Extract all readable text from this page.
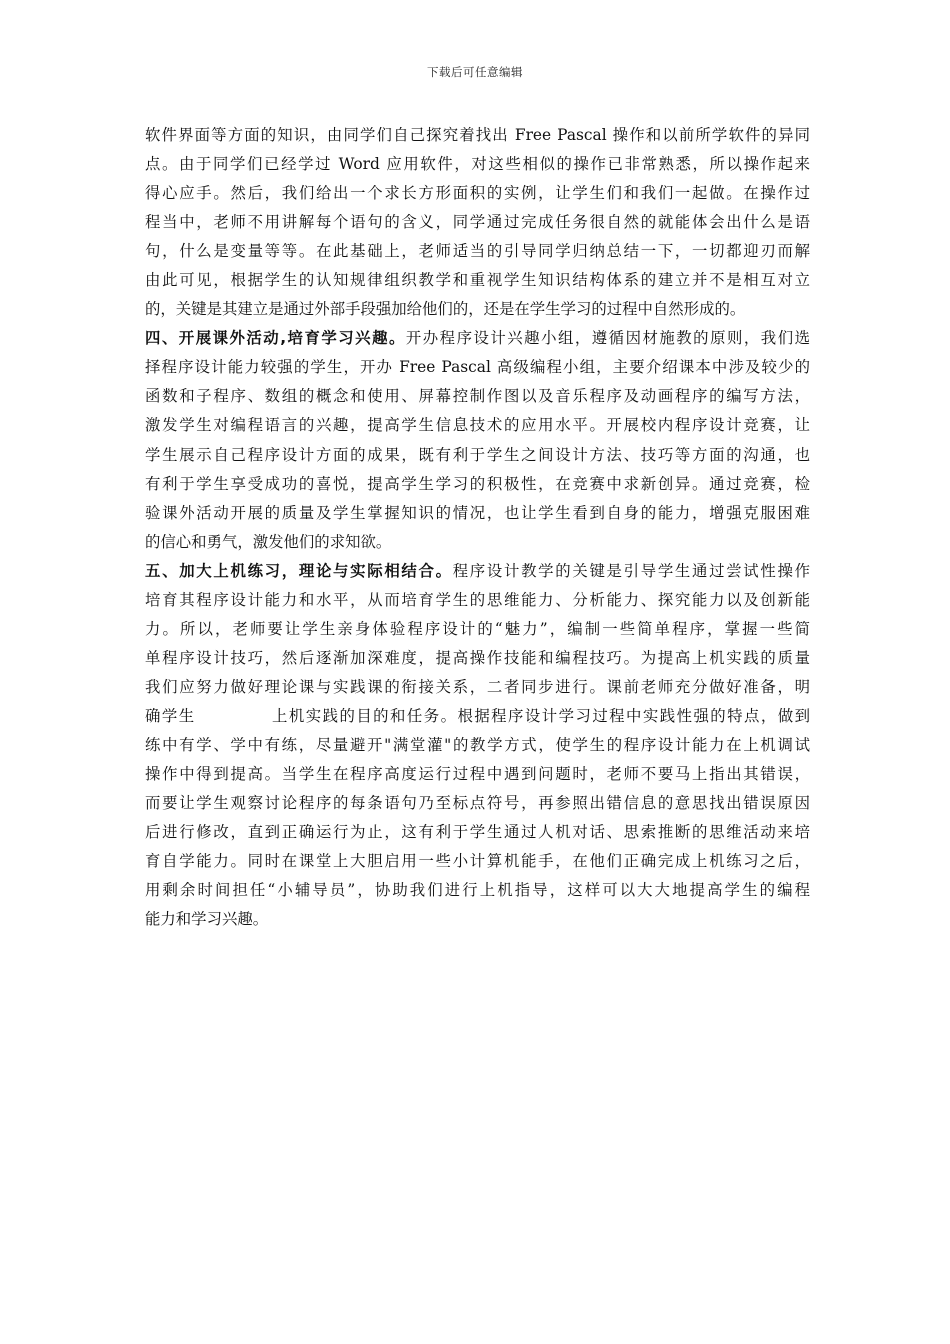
下载后可任意编辑
软件界面等方面的知识，由同学们自己探究着找出 Free Pascal 操作和以前所学软件的异同
点。由于同学们已经学过 Word 应用软件，对这些相似的操作已非常熟悉，所以操作起来
得心应手。然后，我们给出一个求长方形面积的实例，让学生们和我们一起做。在操作过
程当中，老师不用讲解每个语句的含义，同学通过完成任务很自然的就能体会出什么是语
句，什么是变量等等。在此基础上，老师适当的引导同学归纳总结一下，一切都迎刃而解
由此可见，根据学生的认知规律组织教学和重视学生知识结构体系的建立并不是相互对立
的，关键是其建立是通过外部手段强加给他们的，还是在学生学习的过程中自然形成的。
四、开展课外活动,培育学习兴趣。开办程序设计兴趣小组，遵循因材施教的原则，我们选
择程序设计能力较强的学生，开办 Free Pascal 高级编程小组，主要介绍课本中涉及较少的
函数和子程序、数组的概念和使用、屏幕控制作图以及音乐程序及动画程序的编写方法，
激发学生对编程语言的兴趣，提高学生信息技术的应用水平。开展校内程序设计竞赛，让
学生展示自己程序设计方面的成果，既有利于学生之间设计方法、技巧等方面的沟通，也
有利于学生享受成功的喜悦，提高学生学习的积极性，在竞赛中求新创异。通过竞赛，检
验课外活动开展的质量及学生掌握知识的情况，也让学生看到自身的能力，增强克服困难
的信心和勇气，激发他们的求知欲。
五、加大上机练习，理论与实际相结合。程序设计教学的关键是引导学生通过尝试性操作
培育其程序设计能力和水平，从而培育学生的思维能力、分析能力、探究能力以及创新能
力。所以，老师要让学生亲身体验程序设计的“魅力”，编制一些简单程序，掌握一些简
单程序设计技巧，然后逐渐加深难度，提高操作技能和编程技巧。为提高上机实践的质量
我们应努力做好理论课与实践课的衔接关系，二者同步进行。课前老师充分做好准备，明
确学生	上机实践的目的和任务。根据程序设计学习过程中实践性强的特点，做到
练中有学、学中有练，尽量避开"满堂灌"的教学方式，使学生的程序设计能力在上机调试
操作中得到提高。当学生在程序高度运行过程中遇到问题时，老师不要马上指出其错误，
而要让学生观察讨论程序的每条语句乃至标点符号，再参照出错信息的意思找出错误原因
后进行修改，直到正确运行为止，这有利于学生通过人机对话、思索推断的思维活动来培
育自学能力。同时在课堂上大胆启用一些小计算机能手，在他们正确完成上机练习之后，
用剩余时间担任“小辅导员”，协助我们进行上机指导，这样可以大大地提高学生的编程
能力和学习兴趣。
